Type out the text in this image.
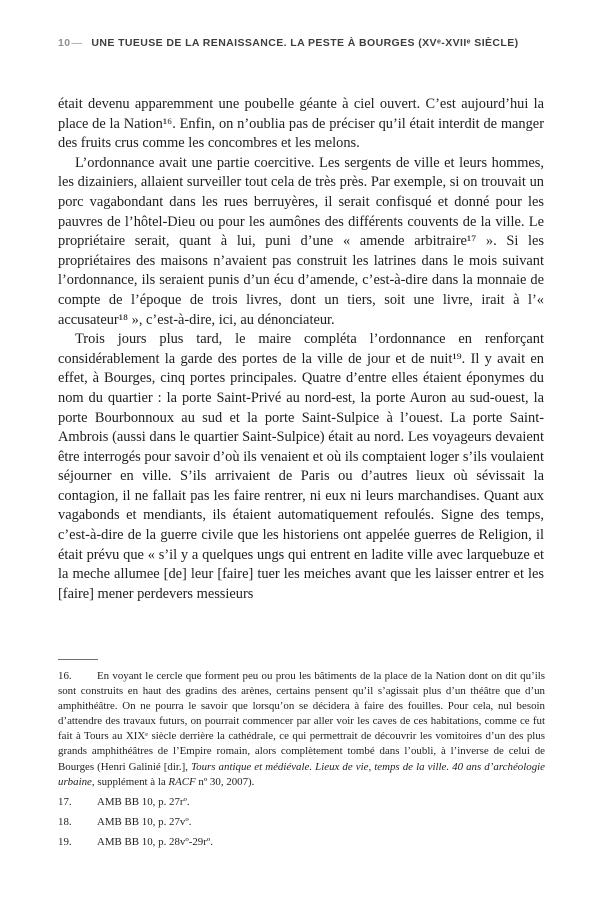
10— UNE TUEUSE DE LA RENAISSANCE. LA PESTE À BOURGES (XVᵉ-XVIIᵉ SIÈCLE)

était devenu apparemment une poubelle géante à ciel ouvert. C’est aujourd’hui la place de la Nation¹⁶. Enfin, on n’oublia pas de préciser qu’il était interdit de manger des fruits crus comme les concombres et les melons.

L’ordonnance avait une partie coercitive. Les sergents de ville et leurs hommes, les dizainiers, allaient surveiller tout cela de très près. Par exemple, si on trouvait un porc vagabondant dans les rues berruyères, il serait confisqué et donné pour les pauvres de l’hôtel-Dieu ou pour les aumônes des différents couvents de la ville. Le propriétaire serait, quant à lui, puni d’une « amende arbitraire¹⁷ ». Si les propriétaires des maisons n’avaient pas construit les latrines dans le mois suivant l’ordonnance, ils seraient punis d’un écu d’amende, c’est-à-dire dans la monnaie de compte de l’époque de trois livres, dont un tiers, soit une livre, irait à l’« accusateur¹⁸ », c’est-à-dire, ici, au dénonciateur.

Trois jours plus tard, le maire compléta l’ordonnance en renforçant considérablement la garde des portes de la ville de jour et de nuit¹⁹. Il y avait en effet, à Bourges, cinq portes principales. Quatre d’entre elles étaient éponymes du nom du quartier : la porte Saint-Privé au nord-est, la porte Auron au sud-ouest, la porte Bourbonnoux au sud et la porte Saint-Sulpice à l’ouest. La porte Saint-Ambrois (aussi dans le quartier Saint-Sulpice) était au nord. Les voyageurs devaient être interrogés pour savoir d’où ils venaient et où ils comptaient loger s’ils voulaient séjourner en ville. S’ils arrivaient de Paris ou d’autres lieux où sévissait la contagion, il ne fallait pas les faire rentrer, ni eux ni leurs marchandises. Quant aux vagabonds et mendiants, ils étaient automatiquement refoulés. Signe des temps, c’est-à-dire de la guerre civile que les historiens ont appelée guerres de Religion, il était prévu que « s’il y a quelques ungs qui entrent en ladite ville avec larquebuze et la meche allumee [de] leur [faire] tuer les meiches avant que les laisser entrer et les [faire] mener perdevers messieurs

16. En voyant le cercle que forment peu ou prou les bâtiments de la place de la Nation dont on dit qu’ils sont construits en haut des gradins des arènes, certains pensent qu’il s’agissait plus d’un théâtre que d’un amphithéâtre. On ne pourra le savoir que lorsqu’on se décidera à faire des fouilles. Pour cela, nul besoin d’attendre des travaux futurs, on pourrait commencer par aller voir les caves de ces habitations, comme ce fut fait à Tours au XIXᵉ siècle derrière la cathédrale, ce qui permettrait de découvrir les vomitoires d’un des plus grands amphithéâtres de l’Empire romain, alors complètement tombé dans l’oubli, à l’inverse de celui de Bourges (Henri Galinié [dir.], Tours antique et médiévale. Lieux de vie, temps de la ville. 40 ans d’archéologie urbaine, supplément à la RACF nº 30, 2007).

17. AMB BB 10, p. 27rº.

18. AMB BB 10, p. 27vº.

19. AMB BB 10, p. 28vº-29rº.
